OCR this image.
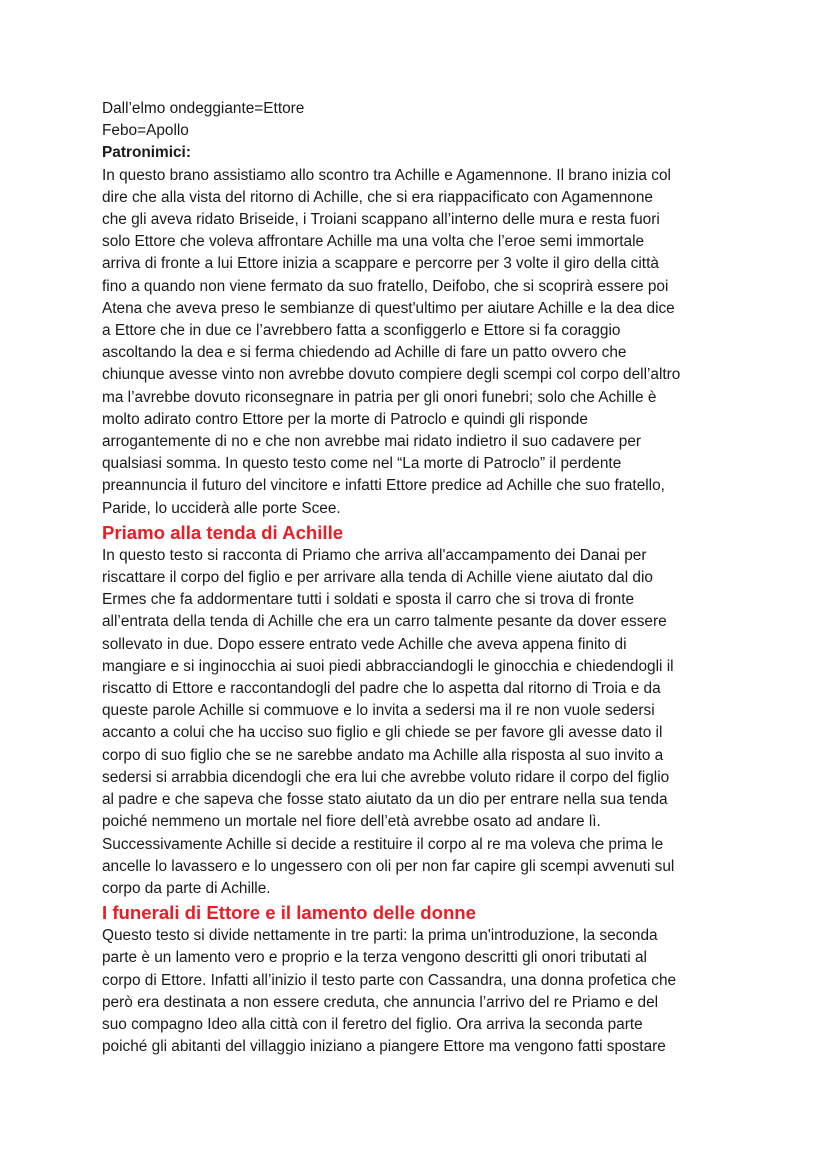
Dall’elmo ondeggiante=Ettore

Febo=Apollo

Patronimici:

In questo brano assistiamo allo scontro tra Achille e Agamennone. Il brano inizia col

dire che alla vista del ritorno di Achille, che si era riappacificato con Agamennone

che gli aveva ridato Briseide, i Troiani scappano all’interno delle mura e resta fuori

solo Ettore che voleva affrontare Achille ma una volta che l’eroe semi immortale

arriva di fronte a lui Ettore inizia a scappare e percorre per 3 volte il giro della città

fino a quando non viene fermato da suo fratello, Deifobo, che si scoprirà essere poi

Atena che aveva preso le sembianze di quest'ultimo per aiutare Achille e la dea dice

a Ettore che in due ce l’avrebbero fatta a sconfiggerlo e Ettore si fa coraggio

ascoltando la dea e si ferma chiedendo ad Achille di fare un patto ovvero che

chiunque avesse vinto non avrebbe dovuto compiere degli scempi col corpo dell’altro

ma l’avrebbe dovuto riconsegnare in patria per gli onori funebri; solo che Achille è

molto adirato contro Ettore per la morte di Patroclo e quindi gli risponde

arrogantemente di no e che non avrebbe mai ridato indietro il suo cadavere per

qualsiasi somma. In questo testo come nel “La morte di Patroclo” il perdente

preannuncia il futuro del vincitore e infatti Ettore predice ad Achille che suo fratello,

Paride, lo ucciderà alle porte Scee.

Priamo alla tenda di Achille

In questo testo si racconta di Priamo che arriva all'accampamento dei Danai per

riscattare il corpo del figlio e per arrivare alla tenda di Achille viene aiutato dal dio

Ermes che fa addormentare tutti i soldati e sposta il carro che si trova di fronte

all’entrata della tenda di Achille che era un carro talmente pesante da dover essere

sollevato in due. Dopo essere entrato vede Achille che aveva appena finito di

mangiare e si inginocchia ai suoi piedi abbracciandogli le ginocchia e chiedendogli il

riscatto di Ettore e raccontandogli del padre che lo aspetta dal ritorno di Troia e da

queste parole Achille si commuove e lo invita a sedersi ma il re non vuole sedersi

accanto a colui che ha ucciso suo figlio e gli chiede se per favore gli avesse dato il

corpo di suo figlio che se ne sarebbe andato ma Achille alla risposta al suo invito a

sedersi si arrabbia dicendogli che era lui che avrebbe voluto ridare il corpo del figlio

al padre e che sapeva che fosse stato aiutato da un dio per entrare nella sua tenda

poiché nemmeno un mortale nel fiore dell’età avrebbe osato ad andare lì.

Successivamente Achille si decide a restituire il corpo al re ma voleva che prima le

ancelle lo lavassero e lo ungessero con oli per non far capire gli scempi avvenuti sul

corpo da parte di Achille.

I funerali di Ettore e il lamento delle donne

Questo testo si divide nettamente in tre parti: la prima un'introduzione, la seconda

parte è un lamento vero e proprio e la terza vengono descritti gli onori tributati al

corpo di Ettore. Infatti all’inizio il testo parte con Cassandra, una donna profetica che

però era destinata a non essere creduta, che annuncia l’arrivo del re Priamo e del

suo compagno Ideo alla città con il feretro del figlio. Ora arriva la seconda parte

poiché gli abitanti del villaggio iniziano a piangere Ettore ma vengono fatti spostare
